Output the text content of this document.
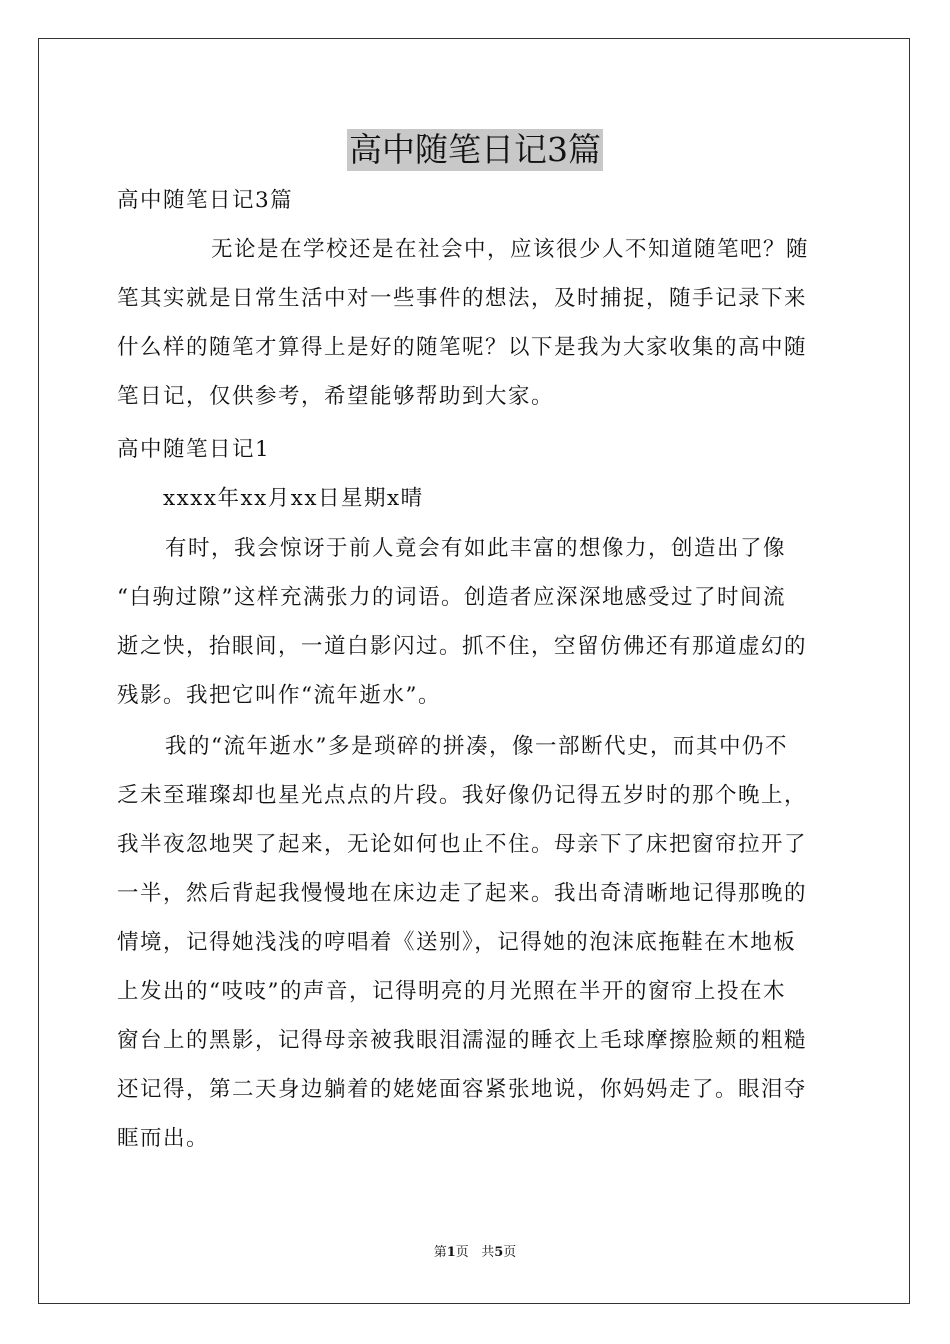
高中随笔日记3篇
高中随笔日记3篇

无论是在学校还是在社会中，应该很少人不知道随笔吧？随

笔其实就是日常生活中对一些事件的想法，及时捕捉，随手记录下来

什么样的随笔才算得上是好的随笔呢？以下是我为大家收集的高中随

笔日记，仅供参考，希望能够帮助到大家。

高中随笔日记1
xxxx年xx月xx日星期x晴

有时，我会惊讶于前人竟会有如此丰富的想像力，创造出了像

“白驹过隙”这样充满张力的词语。创造者应深深地感受过了时间流

逝之快，抬眼间，一道白影闪过。抓不住，空留仿佛还有那道虚幻的

残影。我把它叫作“流年逝水”。

我的“流年逝水”多是琐碎的拼凑，像一部断代史，而其中仍不

乏未至璀璨却也星光点点的片段。我好像仍记得五岁时的那个晚上，

我半夜忽地哭了起来，无论如何也止不住。母亲下了床把窗帘拉开了

一半，然后背起我慢慢地在床边走了起来。我出奇清晰地记得那晚的

情境，记得她浅浅的哼唱着《送别》，记得她的泡沫底拖鞋在木地板

上发出的“吱吱”的声音，记得明亮的月光照在半开的窗帘上投在木

窗台上的黑影，记得母亲被我眼泪濡湿的睡衣上毛球摩擦脸颊的粗糙

还记得，第二天身边躺着的姥姥面容紧张地说，你妈妈走了。眼泪夺

眶而出。

第1页 共5页
